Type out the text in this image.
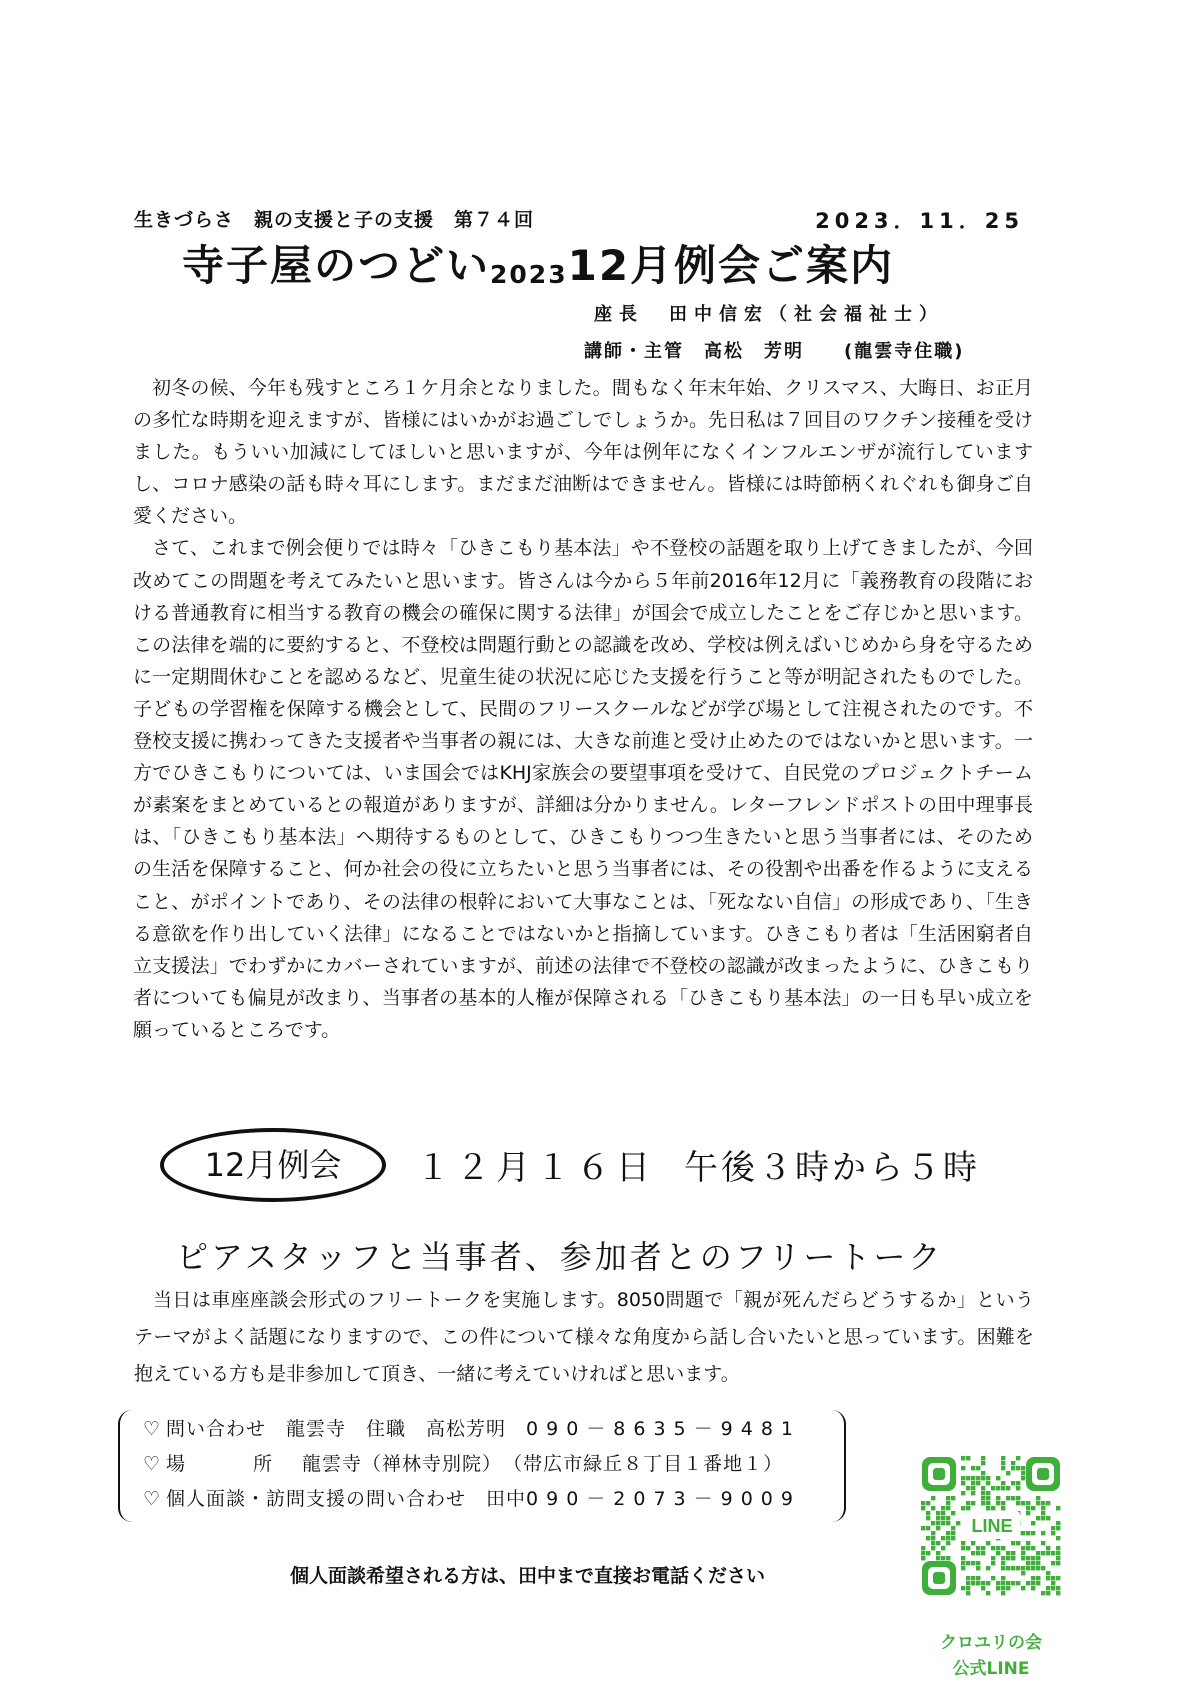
生きづらさ　親の支援と子の支援　第７４回	2023．11．25
寺子屋のつどい202312月例会ご案内
座長　田中信宏（社会福祉士）
講師・主管　高松　芳明　　(龍雲寺住職)

初冬の候、今年も残すところ１ケ月余となりました。間もなく年末年始、クリスマス、大晦日、お正月の多忙な時期を迎えますが、皆様にはいかがお過ごしでしょうか。先日私は７回目のワクチン接種を受けました。もういい加減にしてほしいと思いますが、今年は例年になくインフルエンザが流行していますし、コロナ感染の話も時々耳にします。まだまだ油断はできません。皆様には時節柄くれぐれも御身ご自愛ください。

さて、これまで例会便りでは時々「ひきこもり基本法」や不登校の話題を取り上げてきましたが、今回改めてこの問題を考えてみたいと思います。皆さんは今から５年前2016年12月に「義務教育の段階における普通教育に相当する教育の機会の確保に関する法律」が国会で成立したことをご存じかと思います。この法律を端的に要約すると、不登校は問題行動との認識を改め、学校は例えばいじめから身を守るために一定期間休むことを認めるなど、児童生徒の状況に応じた支援を行うこと等が明記されたものでした。子どもの学習権を保障する機会として、民間のフリースクールなどが学び場として注視されたのです。不登校支援に携わってきた支援者や当事者の親には、大きな前進と受け止めたのではないかと思います。一方でひきこもりについては、いま国会ではKHJ家族会の要望事項を受けて、自民党のプロジェクトチームが素案をまとめているとの報道がありますが、詳細は分かりません。レターフレンドポストの田中理事長は、「ひきこもり基本法」へ期待するものとして、ひきこもりつつ生きたいと思う当事者には、そのための生活を保障すること、何か社会の役に立ちたいと思う当事者には、その役割や出番を作るように支えること、がポイントであり、その法律の根幹において大事なことは、「死なない自信」の形成であり、「生きる意欲を作り出していく法律」になることではないかと指摘しています。ひきこもり者は「生活困窮者自立支援法」でわずかにカバーされていますが、前述の法律で不登校の認識が改まったように、ひきこもり者についても偏見が改まり、当事者の基本的人権が保障される「ひきこもり基本法」の一日も早い成立を願っているところです。

12月例会	１２月１６日 午後３時から５時
ピアスタッフと当事者、参加者とのフリートーク

当日は車座座談会形式のフリートークを実施します。8050問題で「親が死んだらどうするか」というテーマがよく話題になりますので、この件について様々な角度から話し合いたいと思っています。困難を抱えている方も是非参加して頂き、一緒に考えていければと思います。

♡ 問い合わせ　龍雲寺　住職　高松芳明　 090－8635－9481
♡ 場　　所　 龍雲寺（禅林寺別院）　 （帯広市緑丘８丁目１番地１）
♡ 個人面談・訪問支援の問い合わせ　田中090－2073－9009
個人面談希望される方は、田中まで直接お電話ください
LINE
クロユリの会
公式LINE
